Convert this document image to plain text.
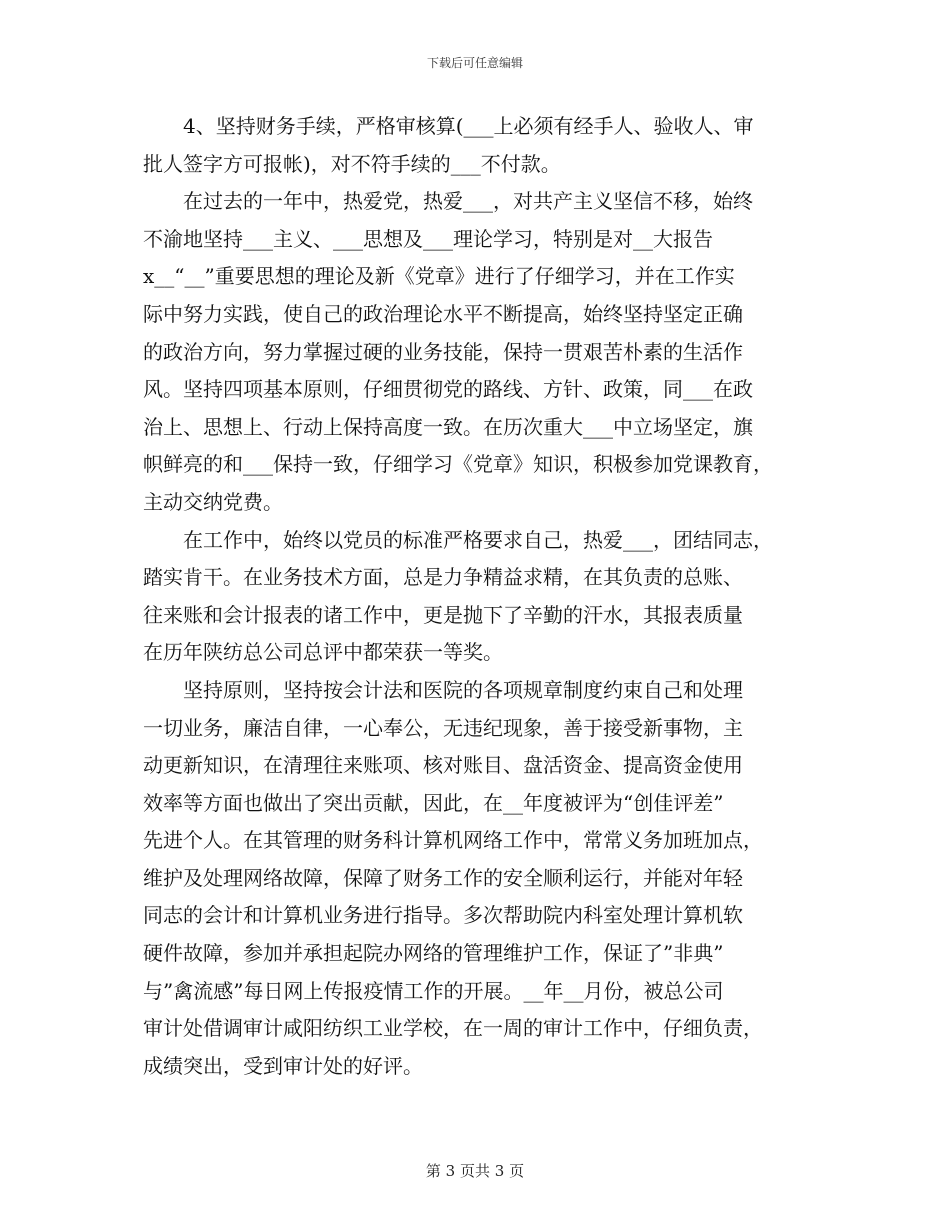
下载后可任意编辑
4、坚持财务手续，严格审核算(___上必须有经手人、验收人、审
批人签字方可报帐)，对不符手续的___不付款。
在过去的一年中，热爱党，热爱___，对共产主义坚信不移，始终
不渝地坚持___主义、___思想及___理论学习，特别是对__大报告
x__“__”重要思想的理论及新《党章》进行了仔细学习，并在工作实
际中努力实践，使自己的政治理论水平不断提高，始终坚持坚定正确
的政治方向，努力掌握过硬的业务技能，保持一贯艰苦朴素的生活作
风。坚持四项基本原则，仔细贯彻党的路线、方针、政策，同___在政
治上、思想上、行动上保持高度一致。在历次重大___中立场坚定，旗
帜鲜亮的和___保持一致，仔细学习《党章》知识，积极参加党课教育，
主动交纳党费。
在工作中，始终以党员的标准严格要求自己，热爱___，团结同志，
踏实肯干。在业务技术方面，总是力争精益求精，在其负责的总账、
往来账和会计报表的诸工作中，更是抛下了辛勤的汗水，其报表质量
在历年陕纺总公司总评中都荣获一等奖。
坚持原则，坚持按会计法和医院的各项规章制度约束自己和处理
一切业务，廉洁自律，一心奉公，无违纪现象，善于接受新事物，主
动更新知识，在清理往来账项、核对账目、盘活资金、提高资金使用
效率等方面也做出了突出贡献，因此，在__年度被评为“创佳评差”
先进个人。在其管理的财务科计算机网络工作中，常常义务加班加点，
维护及处理网络故障，保障了财务工作的安全顺利运行，并能对年轻
同志的会计和计算机业务进行指导。多次帮助院内科室处理计算机软
硬件故障，参加并承担起院办网络的管理维护工作，保证了”非典”
与”禽流感”每日网上传报疫情工作的开展。__年__月份，被总公司
审计处借调审计咸阳纺织工业学校，在一周的审计工作中，仔细负责，
成绩突出，受到审计处的好评。
第 3 页共 3 页
